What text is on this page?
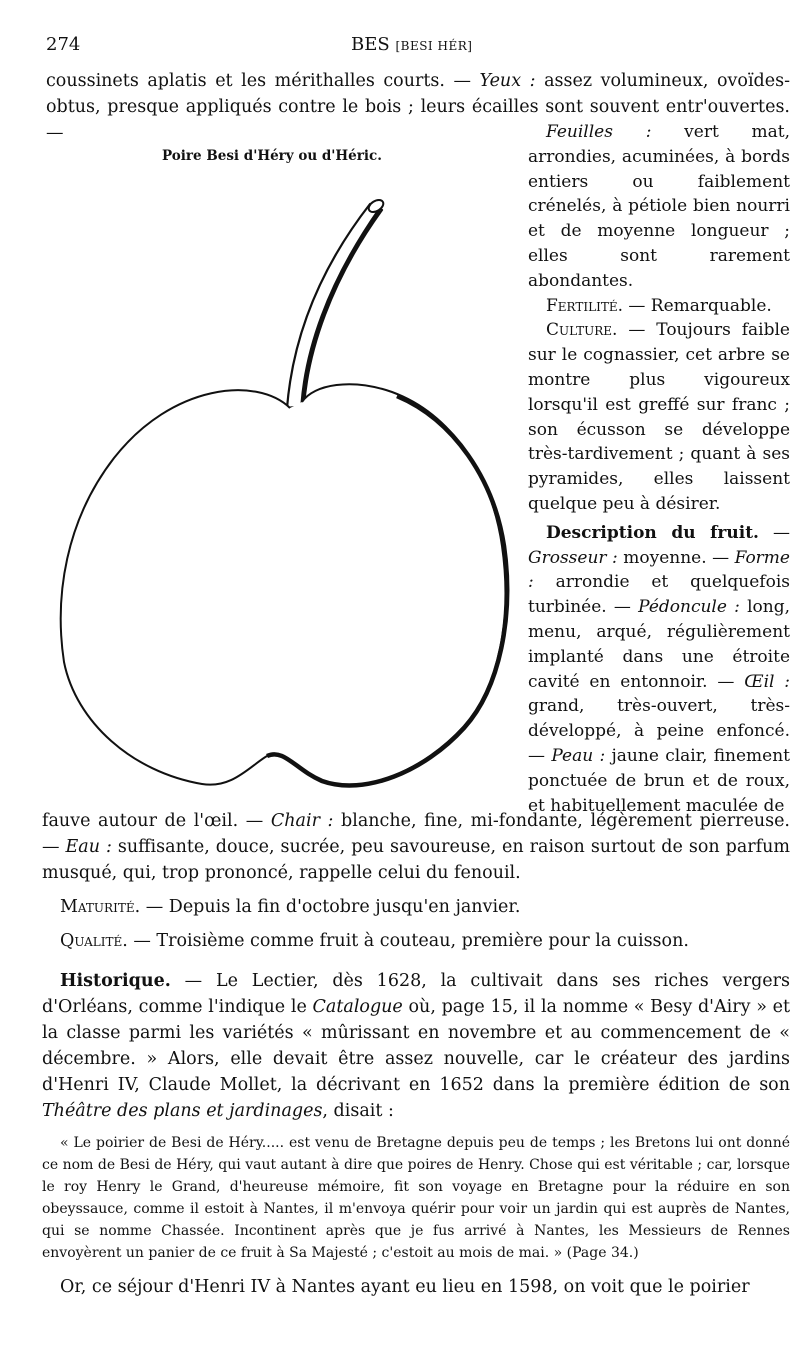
274	BES [BESI HÉR]

coussinets aplatis et les mérithalles courts. — Yeux : assez volumineux, ovoïdes-obtus, presque appliqués contre le bois ; leurs écailles sont souvent entr'ouvertes. —

Poire Besi d'Héry ou d'Héric.

Feuilles : vert mat, arrondies, acuminées, à bords entiers ou faiblement crénelés, à pétiole bien nourri et de moyenne longueur ; elles sont rarement abondantes.

Fertilité. — Remarquable.

Culture. — Toujours faible sur le cognassier, cet arbre se montre plus vigoureux lorsqu'il est greffé sur franc ; son écusson se développe très-tardivement ; quant à ses pyramides, elles laissent quelque peu à désirer.

Description du fruit. — Grosseur : moyenne. — Forme : arrondie et quelquefois turbinée. — Pédoncule : long, menu, arqué, régulièrement implanté dans une étroite cavité en entonnoir. — Œil : grand, très-ouvert, très-développé, à peine enfoncé. — Peau : jaune clair, finement ponctuée de brun et de roux, et habituellement maculée de

fauve autour de l'œil. — Chair : blanche, fine, mi-fondante, légèrement pierreuse. — Eau : suffisante, douce, sucrée, peu savoureuse, en raison surtout de son parfum musqué, qui, trop prononcé, rappelle celui du fenouil.

Maturité. — Depuis la fin d'octobre jusqu'en janvier.

Qualité. — Troisième comme fruit à couteau, première pour la cuisson.

Historique. — Le Lectier, dès 1628, la cultivait dans ses riches vergers d'Orléans, comme l'indique le Catalogue où, page 15, il la nomme « Besy d'Airy » et la classe parmi les variétés « mûrissant en novembre et au commencement de « décembre. » Alors, elle devait être assez nouvelle, car le créateur des jardins d'Henri IV, Claude Mollet, la décrivant en 1652 dans la première édition de son Théâtre des plans et jardinages, disait :

« Le poirier de Besi de Héry..... est venu de Bretagne depuis peu de temps ; les Bretons lui ont donné ce nom de Besi de Héry, qui vaut autant à dire que poires de Henry. Chose qui est véritable ; car, lorsque le roy Henry le Grand, d'heureuse mémoire, fit son voyage en Bretagne pour la réduire en son obeyssauce, comme il estoit à Nantes, il m'envoya quérir pour voir un jardin qui est auprès de Nantes, qui se nomme Chassée. Incontinent après que je fus arrivé à Nantes, les Messieurs de Rennes envoyèrent un panier de ce fruit à Sa Majesté ; c'estoit au mois de mai. » (Page 34.)

Or, ce séjour d'Henri IV à Nantes ayant eu lieu en 1598, on voit que le poirier
